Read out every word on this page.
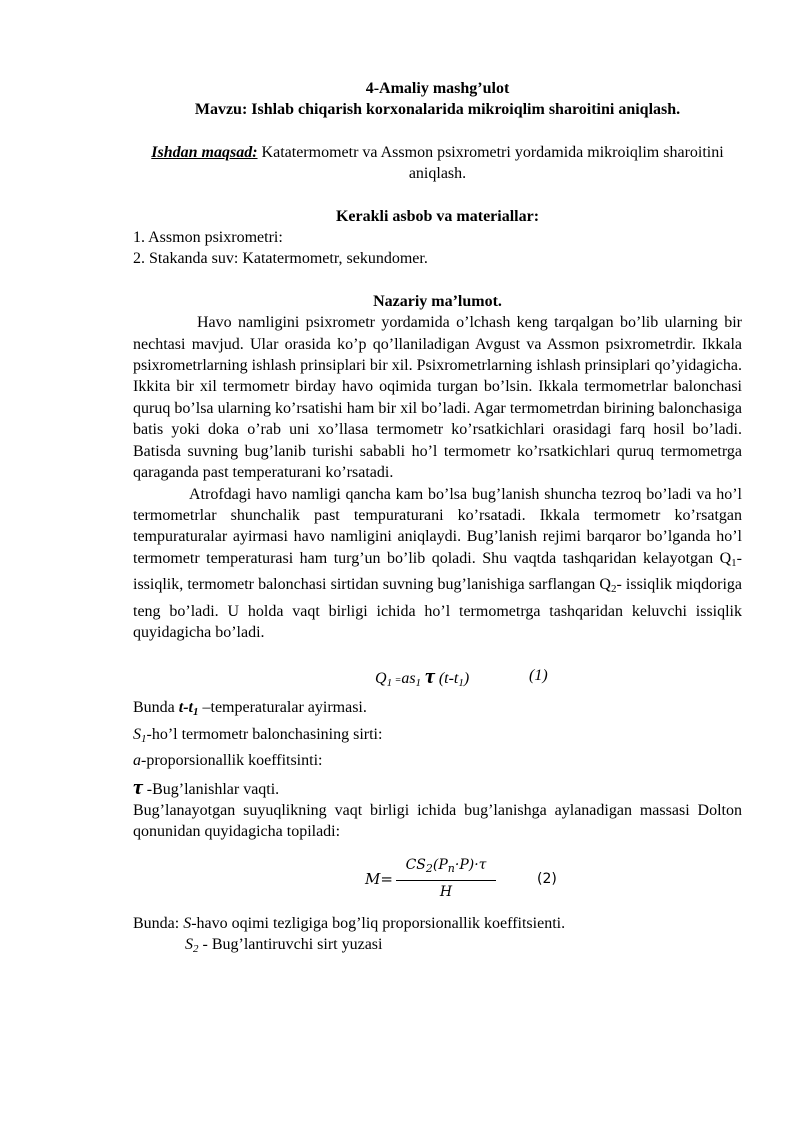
4-Amaliy mashg’ulot
Mavzu: Ishlab chiqarish korxonalarida mikroiqlim sharoitini aniqlash.
Ishdan maqsad: Katatermometr va Assmon psixrometri yordamida mikroiqlim sharoitini aniqlash.
Kerakli asbob va materiallar:
1. Assmon psixrometri:
2. Stakanda suv: Katatermometr, sekundomer.
Nazariy ma’lumot.
Havo namligini psixrometr yordamida o’lchash keng tarqalgan bo’lib ularning bir nechtasi mavjud. Ular orasida ko’p qo’llaniladigan Avgust va Assmon psixrometrdir. Ikkala psixrometrlarning ishlash prinsiplari bir xil. Psixrometrlarning ishlash prinsiplari qo’yidagicha. Ikkita bir xil termometr birday havo oqimida turgan bo’lsin. Ikkala termometrlar balonchasi quruq bo’lsa ularning ko’rsatishi ham bir xil bo’ladi. Agar termometrdan birining balonchasiga batis yoki doka o’rab uni xo’llasa termometr ko’rsatkichlari orasidagi farq hosil bo’ladi. Batisda suvning bug’lanib turishi sababli ho’l termometr ko’rsatkichlari quruq termometrga qaraganda past temperaturani ko’rsatadi.
Atrofdagi havo namligi qancha kam bo’lsa bug’lanish shuncha tezroq bo’ladi va ho’l termometrlar shunchalik past tempuraturani ko’rsatadi. Ikkala termometr ko’rsatgan tempuraturalar ayirmasi havo namligini aniqlaydi. Bug’lanish rejimi barqaror bo’lganda ho’l termometr temperaturasi ham turg’un bo’lib qoladi. Shu vaqtda tashqaridan kelayotgan $Q_1-$ issiqlik, termometr balonchasi sirtidan suvning bug’lanishiga sarflangan $Q_2-$ issiqlik miqdoriga teng bo’ladi. U holda vaqt birligi ichida ho’l termometrga tashqaridan keluvchi issiqlik quyidagicha bo’ladi.
$Q_1 =as_1$ τ $(t-t_1)$	(1)
Bunda $t-t_1$ –temperaturalar ayirmasi.
$S_1-ho’l$ termometr balonchasining sirti:
a-proporsionallik koeffitsinti:
τ -Bug’lanishlar vaqti.
Bug’lanayotgan suyuqlikning vaqt birligi ichida bug’lanishga aylanadigan massasi Dolton qonunidan quyidagicha topiladi:
$M= \frac{CS_2(P_n\cdot P)\cdot\tau}{H}$	(2)
Bunda: S-havo oqimi tezligiga bog’liq proporsionallik koeffitsienti.
$S_2$ - Bug’lantiruvchi sirt yuzasi
